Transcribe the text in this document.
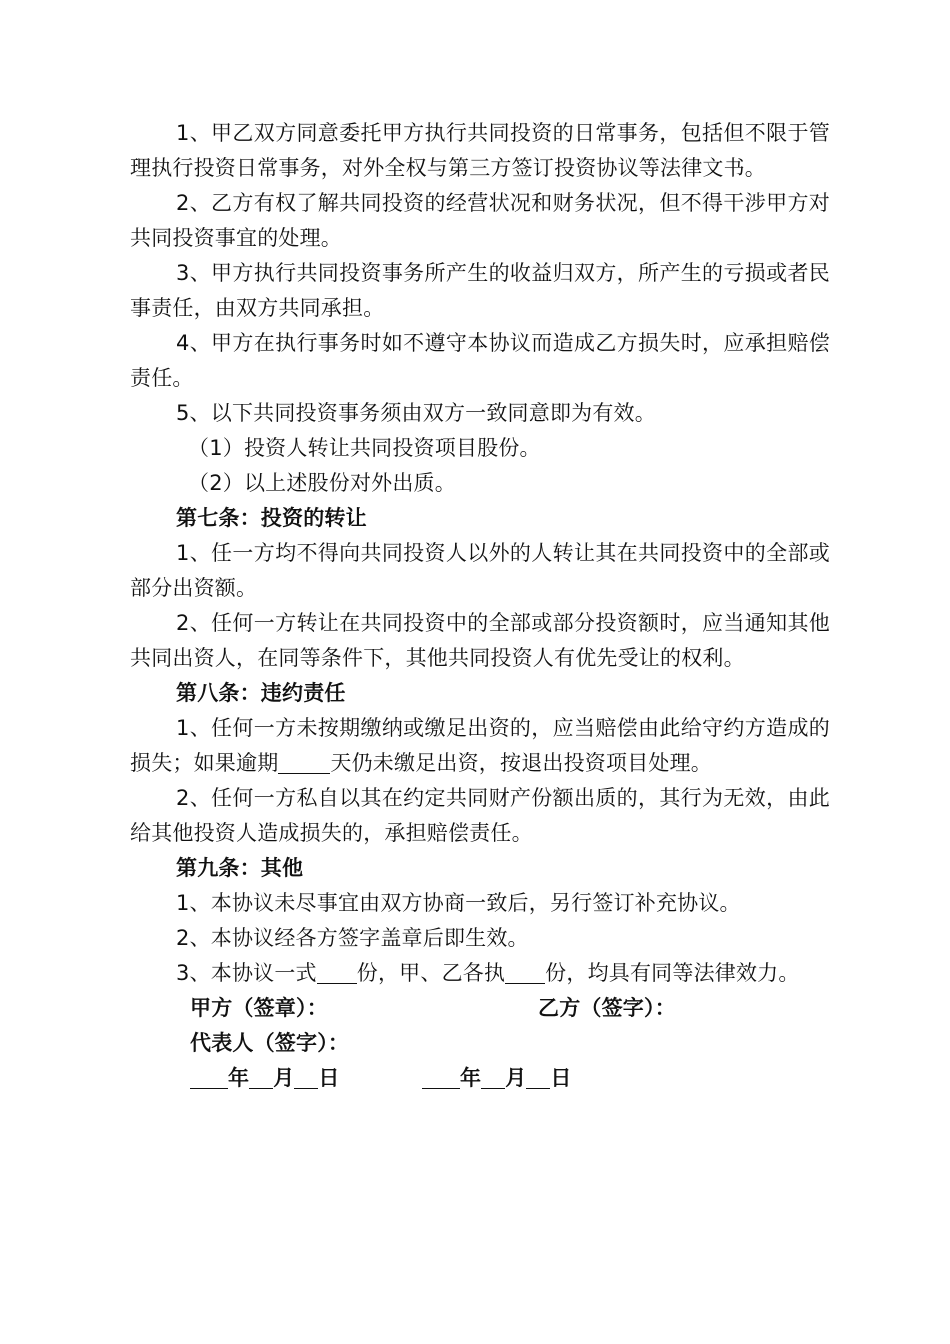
1、甲乙双方同意委托甲方执行共同投资的日常事务，包括但不限于管理执行投资日常事务，对外全权与第三方签订投资协议等法律文书。

2、乙方有权了解共同投资的经营状况和财务状况，但不得干涉甲方对共同投资事宜的处理。

3、甲方执行共同投资事务所产生的收益归双方，所产生的亏损或者民事责任，由双方共同承担。

4、甲方在执行事务时如不遵守本协议而造成乙方损失时，应承担赔偿责任。

5、以下共同投资事务须由双方一致同意即为有效。

（1）投资人转让共同投资项目股份。

（2）以上述股份对外出质。

第七条：投资的转让

1、任一方均不得向共同投资人以外的人转让其在共同投资中的全部或部分出资额。

2、任何一方转让在共同投资中的全部或部分投资额时，应当通知其他共同出资人，在同等条件下，其他共同投资人有优先受让的权利。

第八条：违约责任

1、任何一方未按期缴纳或缴足出资的，应当赔偿由此给守约方造成的损失；如果逾期 天仍未缴足出资，按退出投资项目处理。

2、任何一方私自以其在约定共同财产份额出质的，其行为无效，由此给其他投资人造成损失的，承担赔偿责任。

第九条：其他

1、本协议未尽事宜由双方协商一致后，另行签订补充协议。

2、本协议经各方签字盖章后即生效。

3、本协议一式 份，甲、乙各执 份，均具有同等法律效力。

甲方（签章）：	乙方（签字）：
代表人（签字）：
年 月 日	年 月 日
